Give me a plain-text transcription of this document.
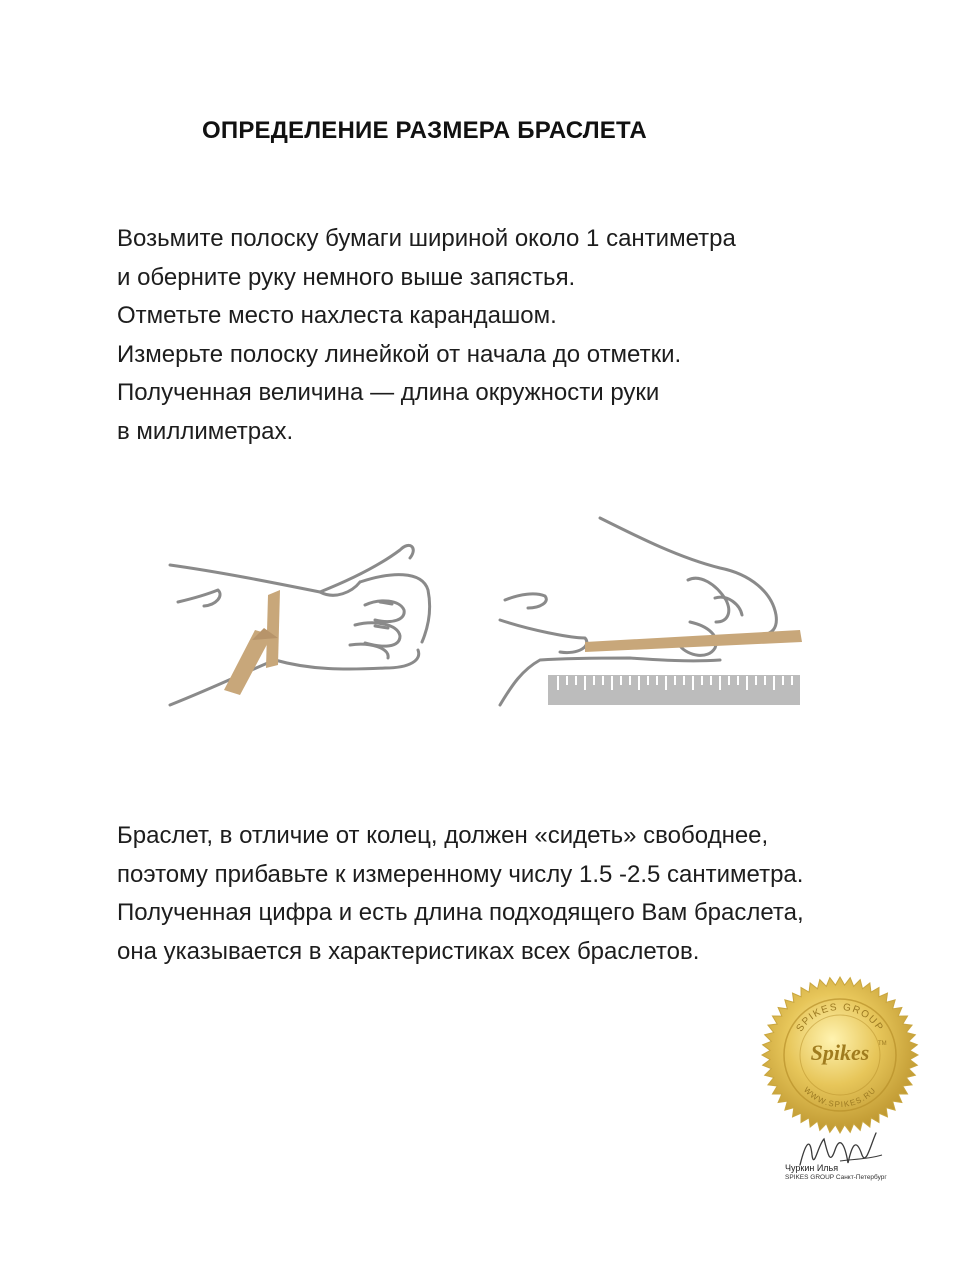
ОПРЕДЕЛЕНИЕ РАЗМЕРА БРАСЛЕТА
Возьмите полоску бумаги шириной около 1 сантиметра
и оберните руку немного выше запястья.
Отметьте место нахлеста карандашом.
Измерьте полоску линейкой от начала до отметки.
Полученная величина — длина окружности руки
в миллиметрах.
Браслет, в отличие от колец, должен «сидеть» свободнее,
поэтому прибавьте к измеренному числу 1.5 -2.5 сантиметра.
Полученная цифра и есть длина подходящего Вам браслета,
она указывается в характеристиках всех браслетов.
SPIKES GROUP
Spikes TM
WWW.SPIKES.RU
Чуркин Илья
SPIKES GROUP Санкт-Петербург
